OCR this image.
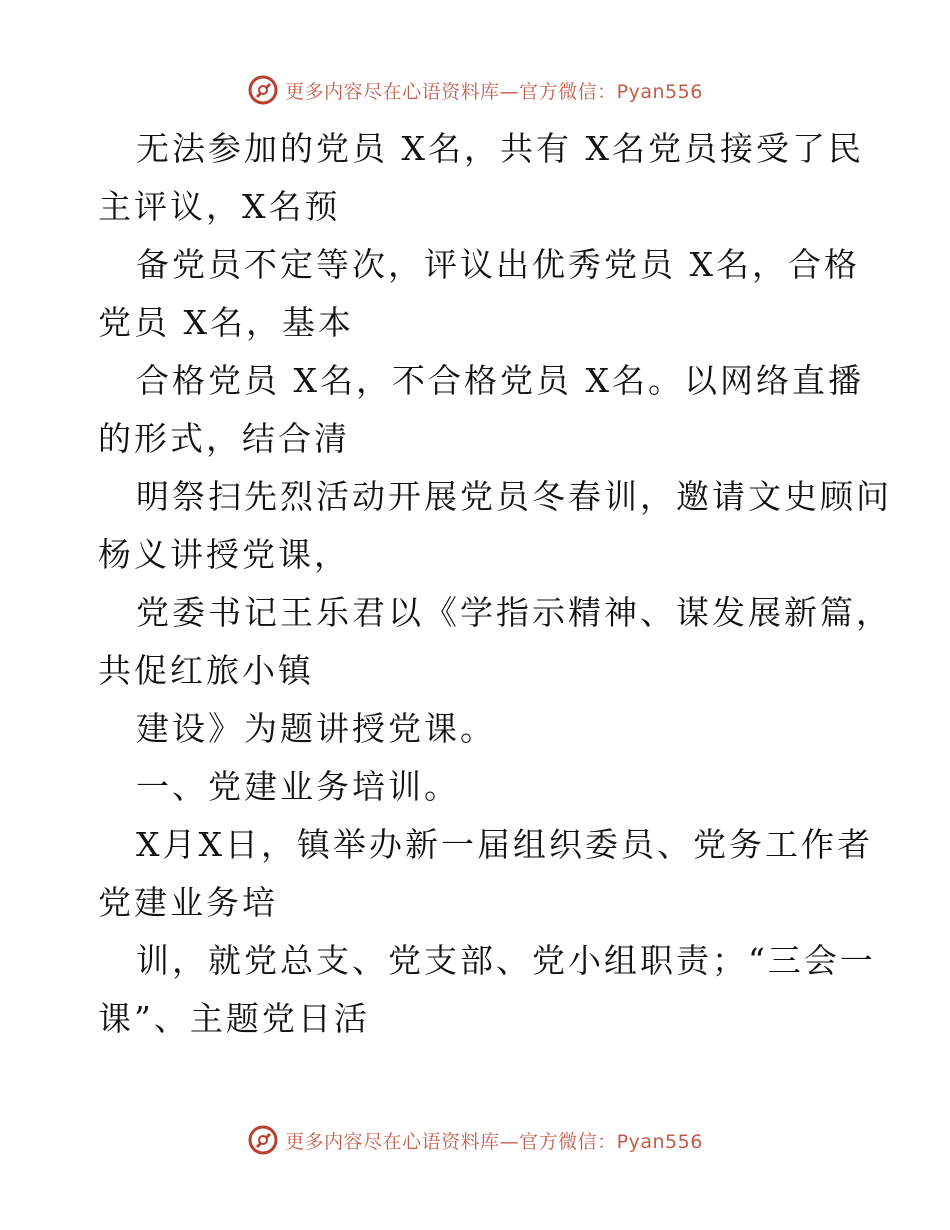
更多内容尽在心语资料库—官方微信：Pyan556
无法参加的党员 X名，共有 X名党员接受了民
主评议，X名预
备党员不定等次，评议出优秀党员 X名，合格
党员 X名，基本
合格党员 X名，不合格党员 X名。以网络直播
的形式，结合清
明祭扫先烈活动开展党员冬春训，邀请文史顾问
杨义讲授党课，
党委书记王乐君以《学指示精神、谋发展新篇，
共促红旅小镇
建设》为题讲授党课。
一、党建业务培训。
X月X日，镇举办新一届组织委员、党务工作者
党建业务培
训，就党总支、党支部、党小组职责；“三会一
课”、主题党日活
更多内容尽在心语资料库—官方微信：Pyan556
